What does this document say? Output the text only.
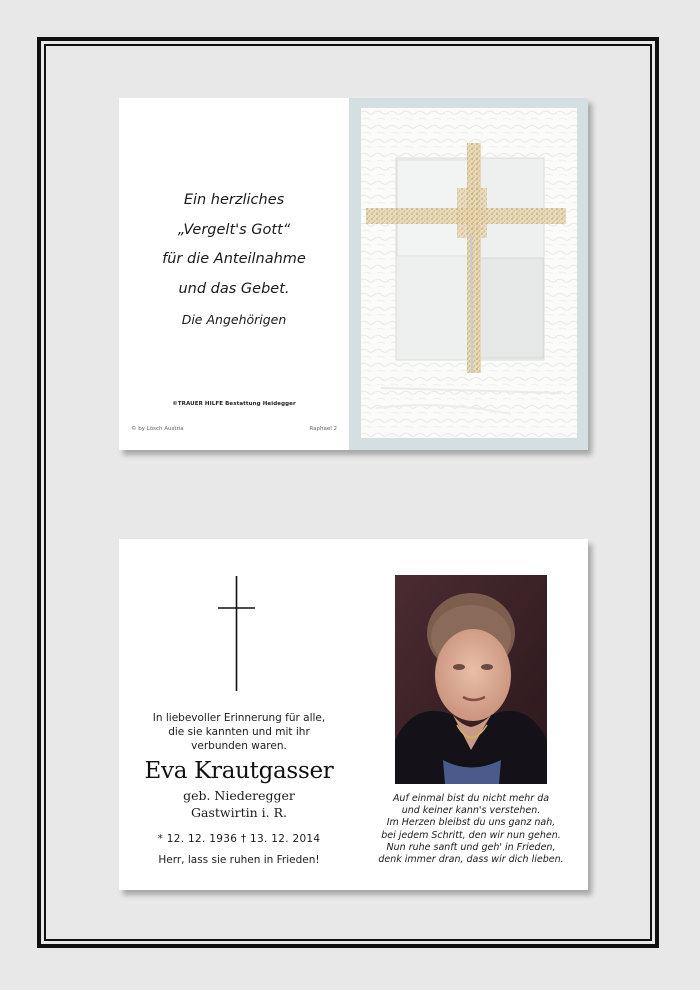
Ein herzliches
„Vergelt's Gott“
für die Anteilnahme
und das Gebet.
Die Angehörigen
©TRAUER HILFE Bestattung Heidegger
© by Lösch Austria	Raphael 2
In liebevoller Erinnerung für alle,
die sie kannten und mit ihr
verbunden waren.
Eva Krautgasser
geb. Niederegger
Gastwirtin i. R.
* 12. 12. 1936 † 13. 12. 2014
Herr, lass sie ruhen in Frieden!
Auf einmal bist du nicht mehr da
und keiner kann's verstehen.
Im Herzen bleibst du uns ganz nah,
bei jedem Schritt, den wir nun gehen.
Nun ruhe sanft und geh' in Frieden,
denk immer dran, dass wir dich lieben.
